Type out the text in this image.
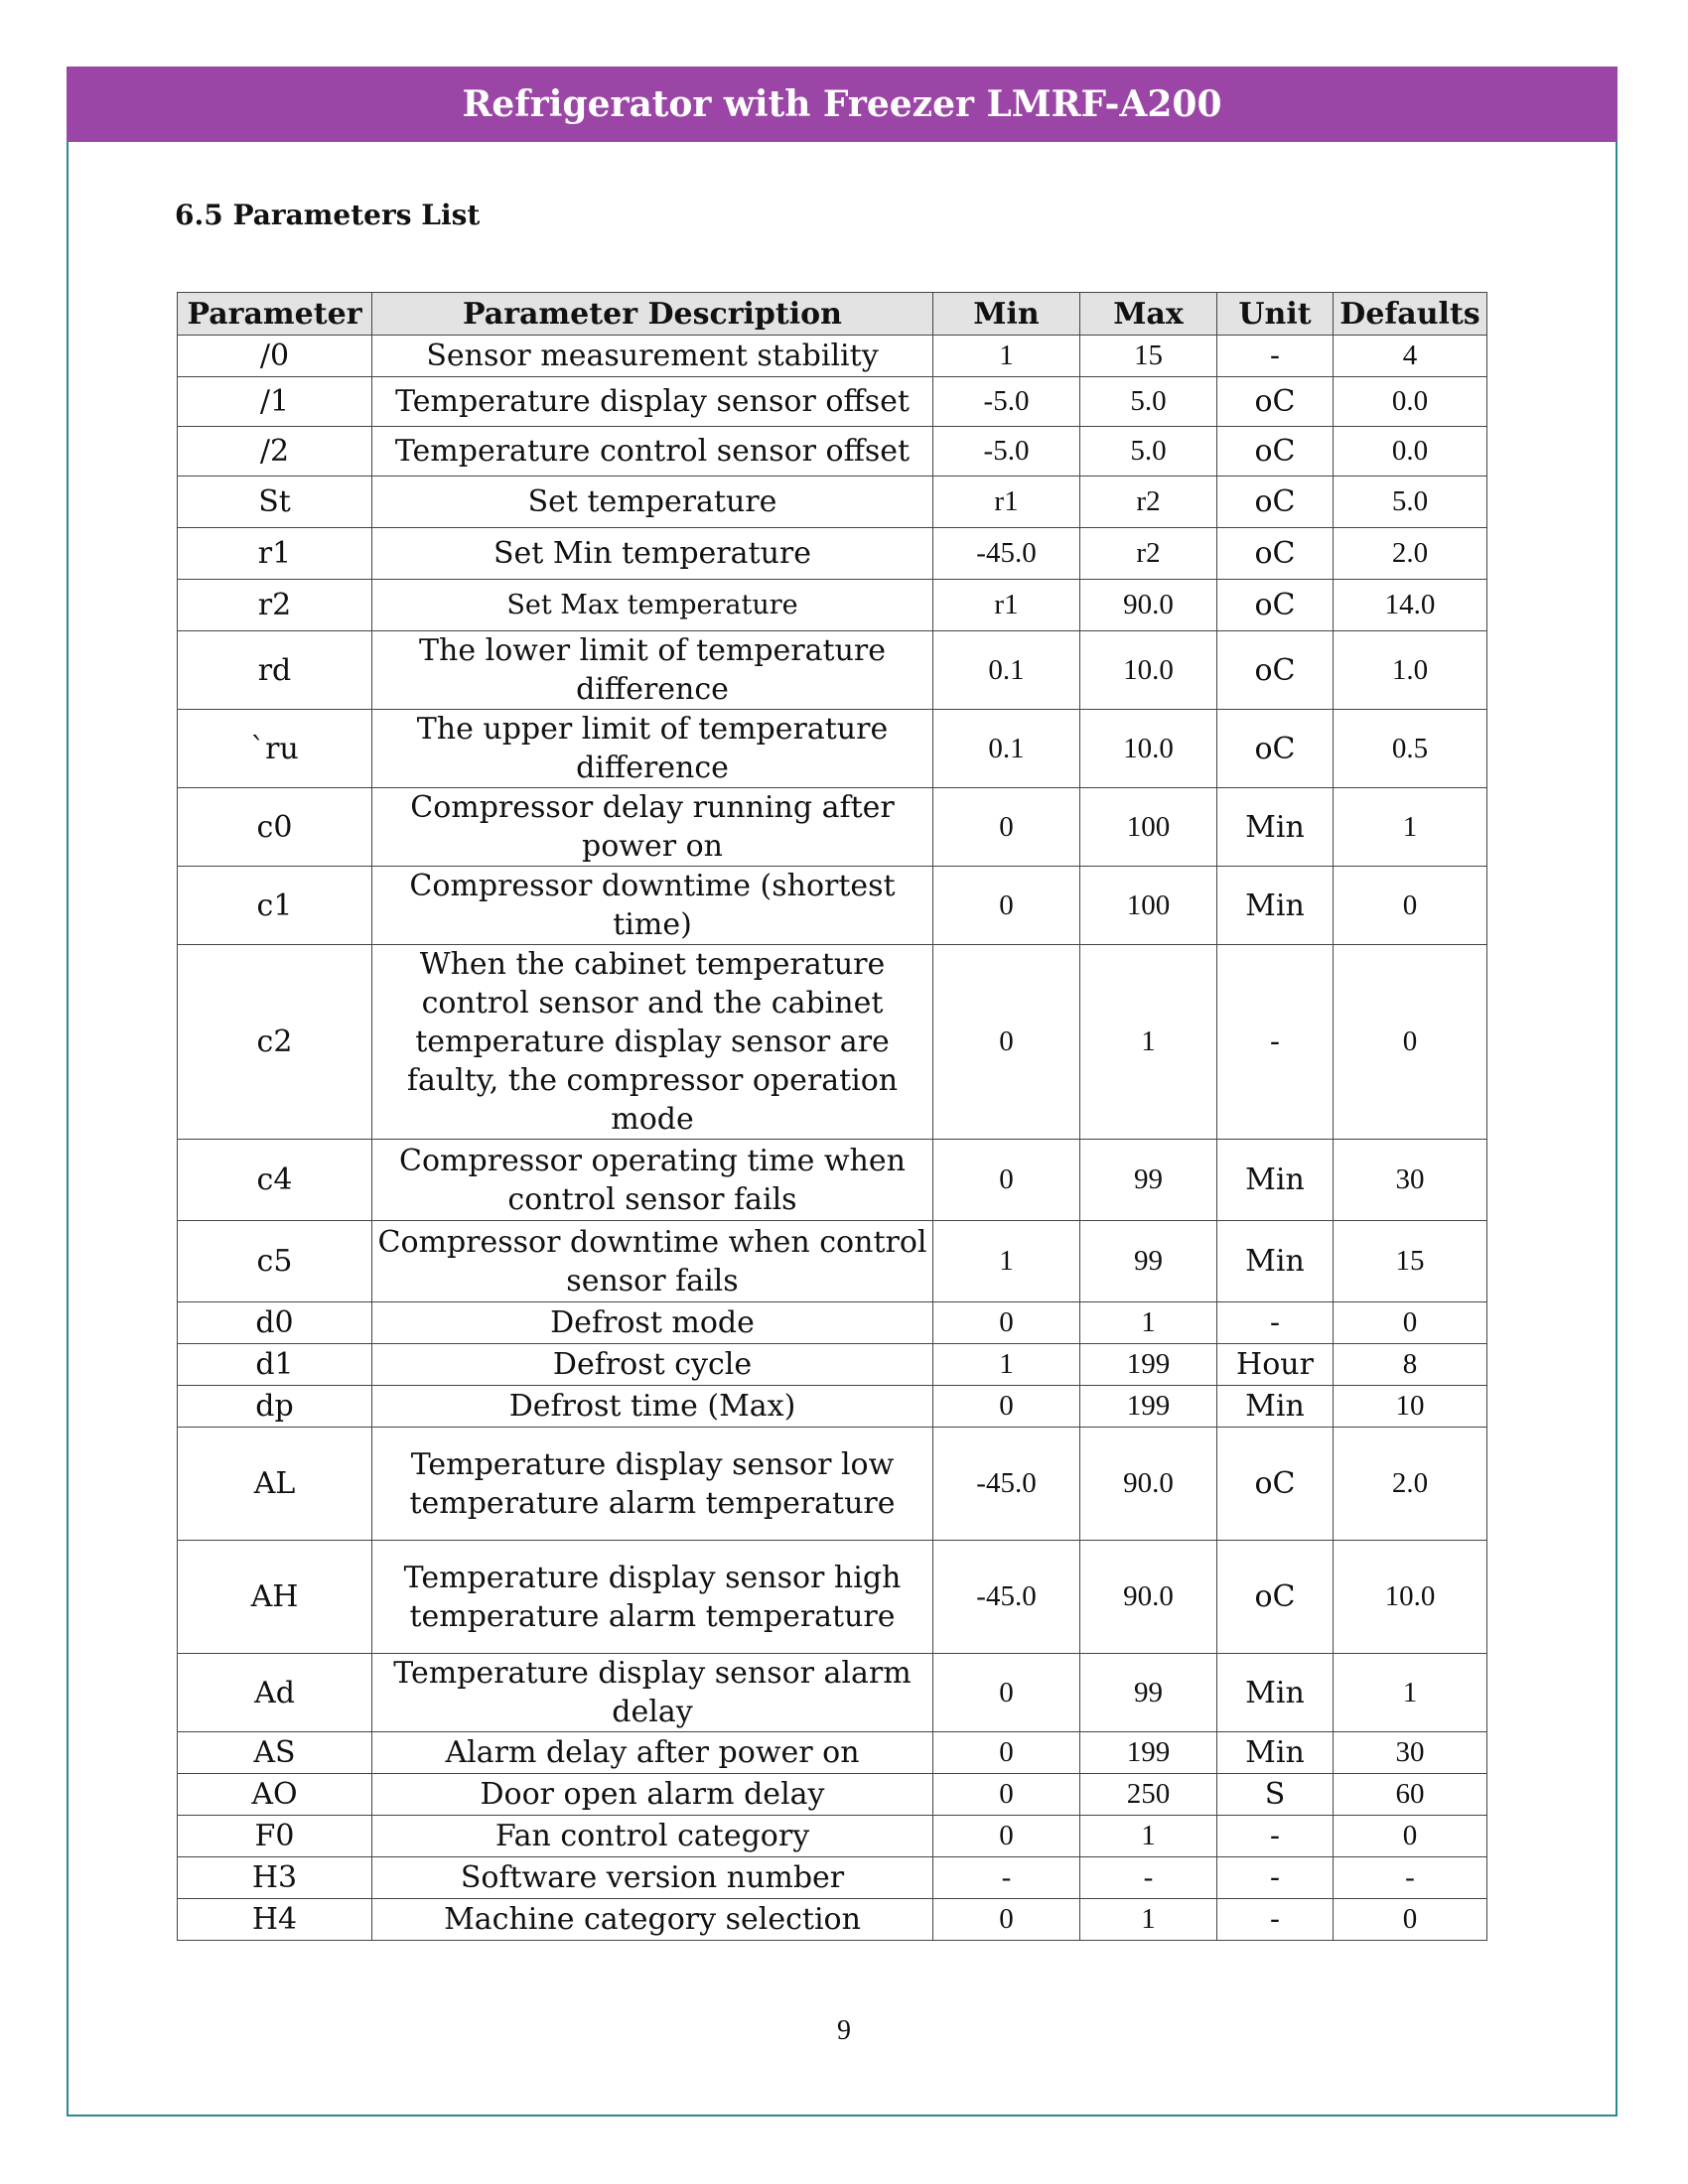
Refrigerator with Freezer LMRF-A200
6.5 Parameters List
Parameter	Parameter Description	Min	Max	Unit	Defaults
/0	Sensor measurement stability	1	15	-	4
/1	Temperature display sensor offset	-5.0	5.0	oC	0.0
/2	Temperature control sensor offset	-5.0	5.0	oC	0.0
St	Set temperature	r1	r2	oC	5.0
r1	Set Min temperature	-45.0	r2	oC	2.0
r2	Set Max temperature	r1	90.0	oC	14.0
rd	The lower limit of temperature difference	0.1	10.0	oC	1.0
`ru	The upper limit of temperature difference	0.1	10.0	oC	0.5
c0	Compressor delay running after power on	0	100	Min	1
c1	Compressor downtime (shortest time)	0	100	Min	0
c2	When the cabinet temperature control sensor and the cabinet temperature display sensor are faulty, the compressor operation mode	0	1	-	0
c4	Compressor operating time when control sensor fails	0	99	Min	30
c5	Compressor downtime when control sensor fails	1	99	Min	15
d0	Defrost mode	0	1	-	0
d1	Defrost cycle	1	199	Hour	8
dp	Defrost time (Max)	0	199	Min	10
AL	Temperature display sensor low temperature alarm temperature	-45.0	90.0	oC	2.0
AH	Temperature display sensor high temperature alarm temperature	-45.0	90.0	oC	10.0
Ad	Temperature display sensor alarm delay	0	99	Min	1
AS	Alarm delay after power on	0	199	Min	30
AO	Door open alarm delay	0	250	S	60
F0	Fan control category	0	1	-	0
H3	Software version number	-	-	-	-
H4	Machine category selection	0	1	-	0
9
